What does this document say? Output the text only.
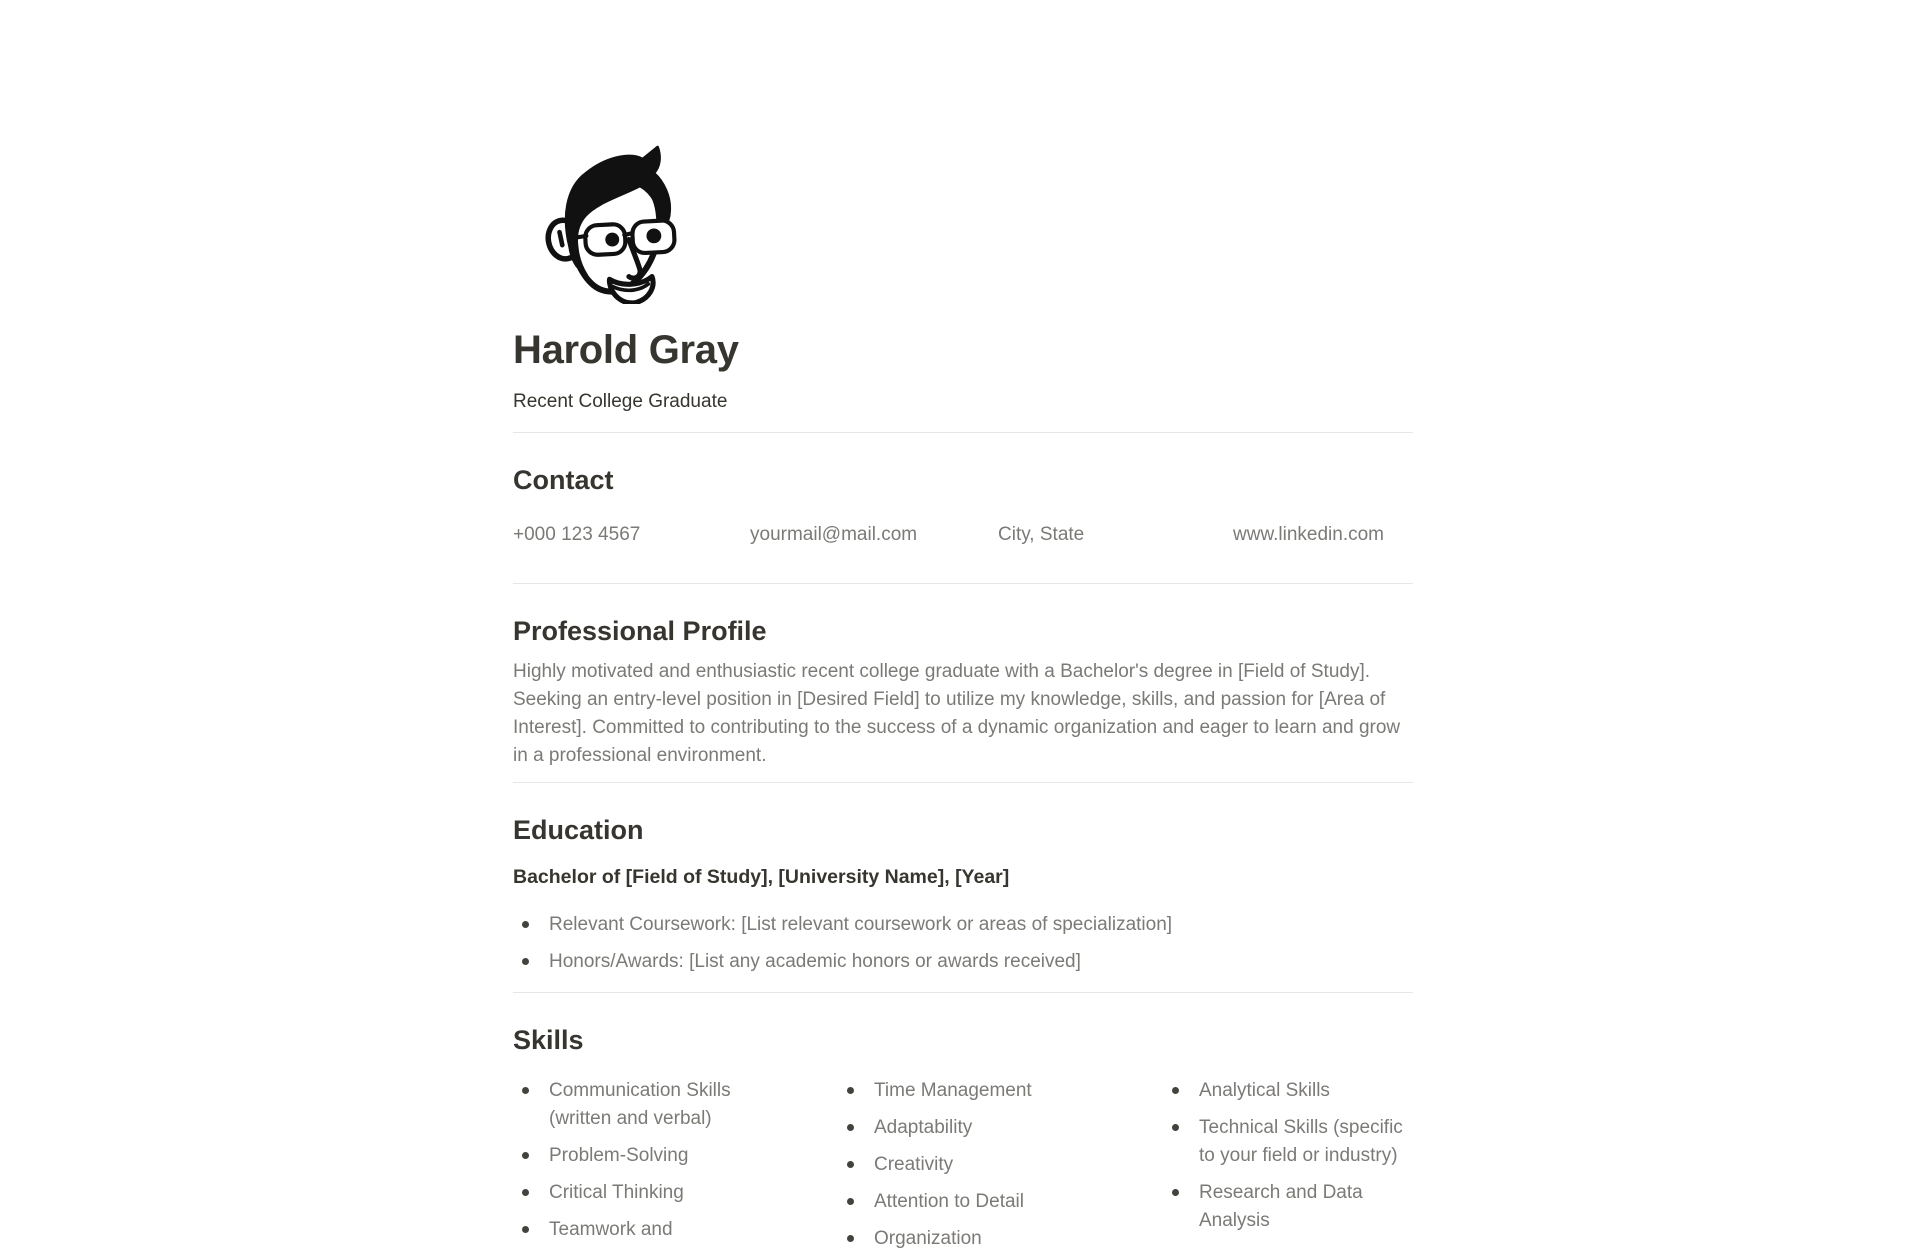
Harold Gray
Recent College Graduate
Contact
+000 123 4567	yourmail@mail.com	City, State	www.linkedin.com
Professional Profile

Highly motivated and enthusiastic recent college graduate with a Bachelor's degree in [Field of Study]. Seeking an entry-level position in [Desired Field] to utilize my knowledge, skills, and passion for [Area of Interest]. Committed to contributing to the success of a dynamic organization and eager to learn and grow in a professional environment.

Education

Bachelor of [Field of Study], [University Name], [Year]

Relevant Coursework: [List relevant coursework or areas of specialization]
Honors/Awards: [List any academic honors or awards received]
Skills
Communication Skills (written and verbal)
Problem-Solving
Critical Thinking
Teamwork and
Time Management
Adaptability
Creativity
Attention to Detail
Organization
Analytical Skills
Technical Skills (specific to your field or industry)
Research and Data Analysis
